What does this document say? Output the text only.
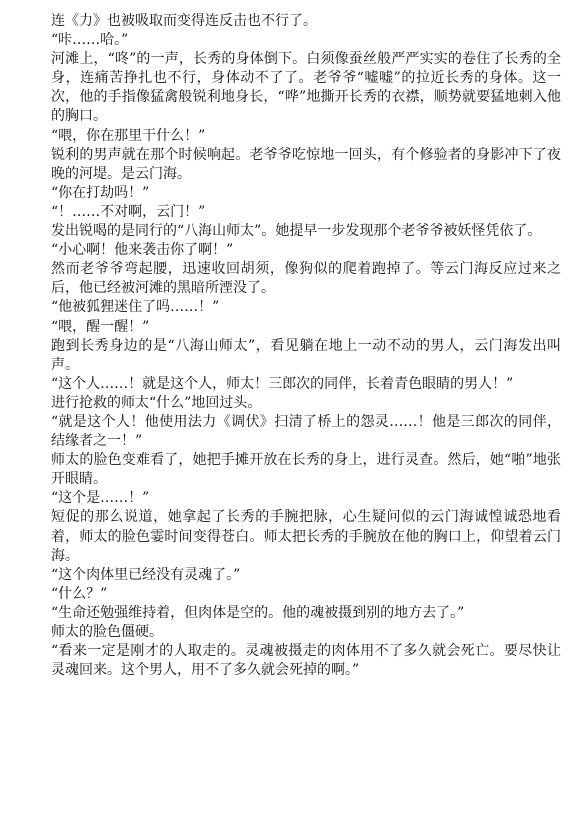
连《力》也被吸取而变得连反击也不行了。

“咔……哈。”

河滩上，“咚”的一声，长秀的身体倒下。白须像蚕丝般严严实实的卷住了长秀的全身，连痛苦挣扎也不行，身体动不了了。老爷爷“嘘嘘”的拉近长秀的身体。这一次，他的手指像猛禽般锐利地身长，“哗”地撕开长秀的衣襟，顺势就要猛地刺入他的胸口。

“喂，你在那里干什么！”

锐利的男声就在那个时候响起。老爷爷吃惊地一回头，有个修验者的身影冲下了夜晚的河堤。是云门海。

“你在打劫吗！”

“！……不对啊，云门！”

发出锐喝的是同行的“八海山师太”。她提早一步发现那个老爷爷被妖怪凭依了。

“小心啊！他来袭击你了啊！”

然而老爷爷弯起腰，迅速收回胡须，像狗似的爬着跑掉了。等云门海反应过来之后，他已经被河滩的黑暗所湮没了。

“他被狐狸迷住了吗……！”

“喂，醒一醒！”

跑到长秀身边的是“八海山师太”，看见躺在地上一动不动的男人，云门海发出叫声。

“这个人……！就是这个人，师太！三郎次的同伴，长着青色眼睛的男人！”

进行抢救的师太“什么”地回过头。

“就是这个人！他使用法力《调伏》扫清了桥上的怨灵……！他是三郎次的同伴，结缘者之一！”

师太的脸色变难看了，她把手摊开放在长秀的身上，进行灵查。然后，她“啪”地张开眼睛。

“这个是……！”

短促的那么说道，她拿起了长秀的手腕把脉，心生疑问似的云门海诚惶诚恐地看着，师太的脸色霎时间变得苍白。师太把长秀的手腕放在他的胸口上，仰望着云门海。

“这个肉体里已经没有灵魂了。”

“什么？”

“生命还勉强维持着，但肉体是空的。他的魂被摄到别的地方去了。”

师太的脸色僵硬。

“看来一定是刚才的人取走的。灵魂被摄走的肉体用不了多久就会死亡。要尽快让灵魂回来。这个男人，用不了多久就会死掉的啊。”
